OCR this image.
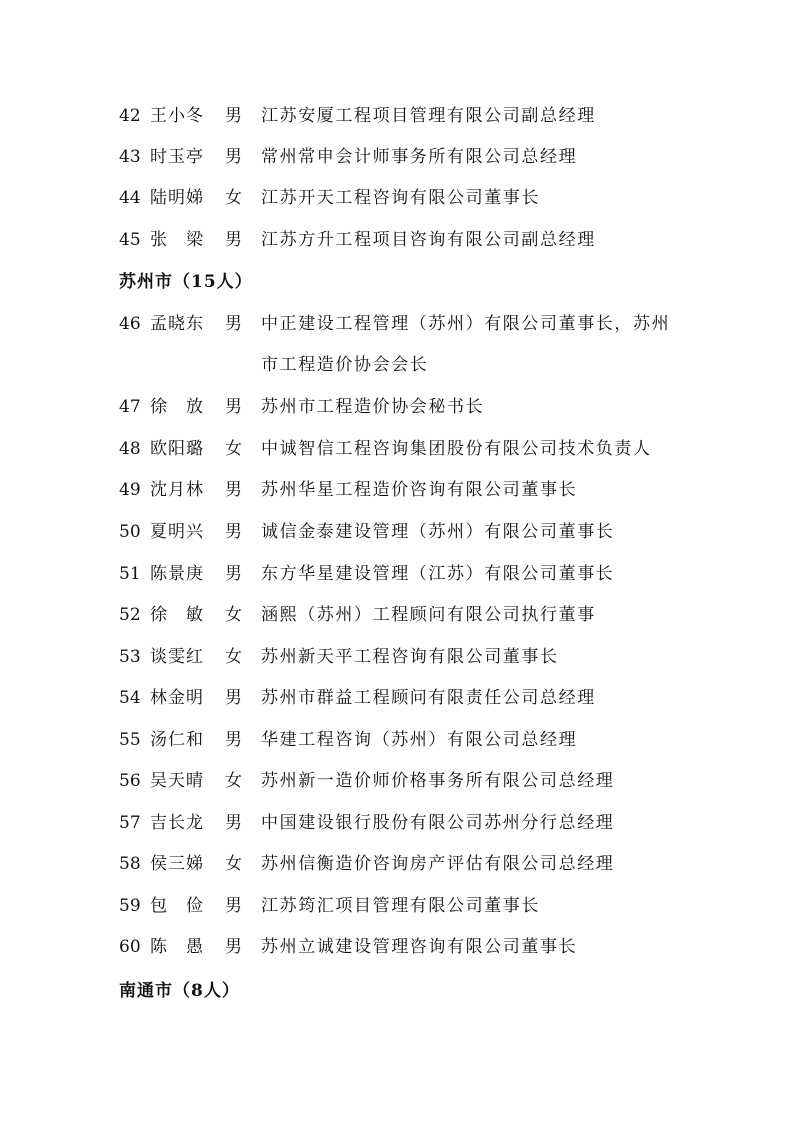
42 王小冬 男 江苏安厦工程项目管理有限公司副总经理
43 时玉亭 男 常州常申会计师事务所有限公司总经理
44 陆明娣 女 江苏开天工程咨询有限公司董事长
45 张　梁 男 江苏方升工程项目咨询有限公司副总经理
苏州市（15人）
46 孟晓东 男 中正建设工程管理（苏州）有限公司董事长，苏州
市工程造价协会会长
47 徐　放 男 苏州市工程造价协会秘书长
48 欧阳璐 女 中诚智信工程咨询集团股份有限公司技术负责人
49 沈月林 男 苏州华星工程造价咨询有限公司董事长
50 夏明兴 男 诚信金泰建设管理（苏州）有限公司董事长
51 陈景庚 男 东方华星建设管理（江苏）有限公司董事长
52 徐　敏 女 涵熙（苏州）工程顾问有限公司执行董事
53 谈雯红 女 苏州新天平工程咨询有限公司董事长
54 林金明 男 苏州市群益工程顾问有限责任公司总经理
55 汤仁和 男 华建工程咨询（苏州）有限公司总经理
56 吴天晴 女 苏州新一造价师价格事务所有限公司总经理
57 吉长龙 男 中国建设银行股份有限公司苏州分行总经理
58 侯三娣 女 苏州信衡造价咨询房产评估有限公司总经理
59 包　俭 男 江苏筠汇项目管理有限公司董事长
60 陈　愚 男 苏州立诚建设管理咨询有限公司董事长
南通市（8人）
